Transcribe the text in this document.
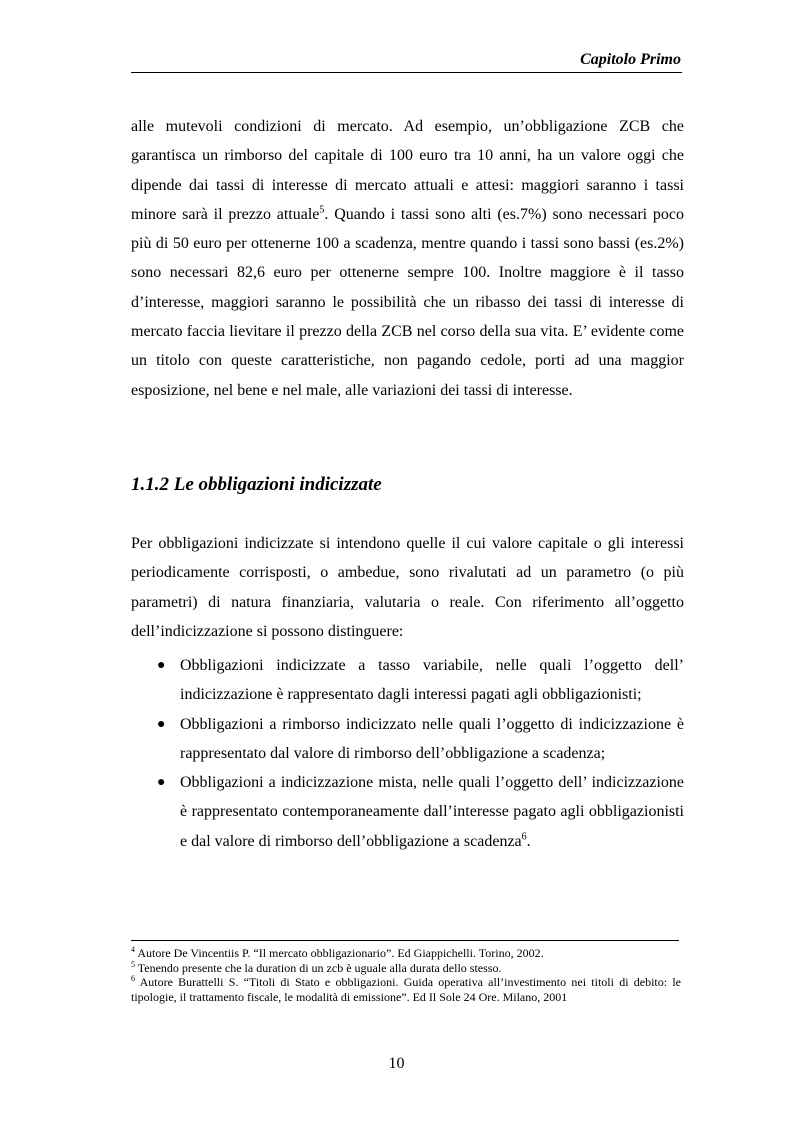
Capitolo Primo

alle mutevoli condizioni di mercato. Ad esempio, un’obbligazione ZCB che garantisca un rimborso del capitale di 100 euro tra 10 anni, ha un valore oggi che dipende dai tassi di interesse di mercato attuali e attesi: maggiori saranno i tassi minore sarà il prezzo attuale$^5$. Quando i tassi sono alti (es.7%) sono necessari poco più di 50 euro per ottenerne 100 a scadenza, mentre quando i tassi sono bassi (es.2%) sono necessari 82,6 euro per ottenerne sempre 100. Inoltre maggiore è il tasso d’interesse, maggiori saranno le possibilità che un ribasso dei tassi di interesse di mercato faccia lievitare il prezzo della ZCB nel corso della sua vita. E’ evidente come un titolo con queste caratteristiche, non pagando cedole, porti ad una maggior esposizione, nel bene e nel male, alle variazioni dei tassi di interesse.

1.1.2 Le obbligazioni indicizzate

Per obbligazioni indicizzate si intendono quelle il cui valore capitale o gli interessi periodicamente corrisposti, o ambedue, sono rivalutati ad un parametro (o più parametri) di natura finanziaria, valutaria o reale. Con riferimento all’oggetto dell’indicizzazione si possono distinguere:

● Obbligazioni indicizzate a tasso variabile, nelle quali l’oggetto dell’ indicizzazione è rappresentato dagli interessi pagati agli obbligazionisti;
● Obbligazioni a rimborso indicizzato nelle quali l’oggetto di indicizzazione è rappresentato dal valore di rimborso dell’obbligazione a scadenza;
● Obbligazioni a indicizzazione mista, nelle quali l’oggetto dell’ indicizzazione è rappresentato contemporaneamente dall’interesse pagato agli obbligazionisti e dal valore di rimborso dell’obbligazione a scadenza$^6$.
$^4$ Autore De Vincentiis P. “Il mercato obbligazionario”. Ed Giappichelli. Torino, 2002.
$^5$ Tenendo presente che la duration di un zcb è uguale alla durata dello stesso.
$^6$ Autore Burattelli S. “Titoli di Stato e obbligazioni. Guida operativa all’investimento nei titoli di debito: le tipologie, il trattamento fiscale, le modalità di emissione”. Ed Il Sole 24 Ore. Milano, 2001
10
